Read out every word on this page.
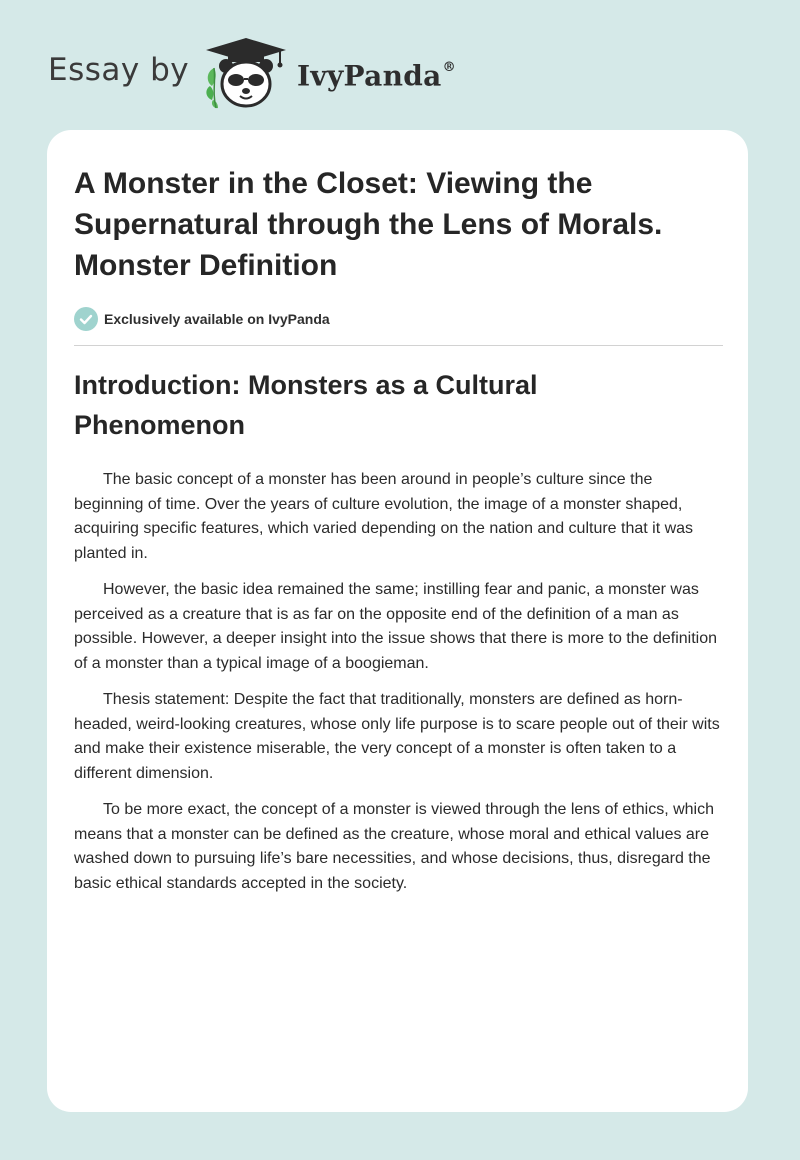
Essay by	IvyPanda®
A Monster in the Closet: Viewing the Supernatural through the Lens of Morals. Monster Definition
Exclusively available on IvyPanda
Introduction: Monsters as a Cultural Phenomenon

The basic concept of a monster has been around in people’s culture since the beginning of time. Over the years of culture evolution, the image of a monster shaped, acquiring specific features, which varied depending on the nation and culture that it was planted in.

However, the basic idea remained the same; instilling fear and panic, a monster was perceived as a creature that is as far on the opposite end of the definition of a man as possible. However, a deeper insight into the issue shows that there is more to the definition of a monster than a typical image of a boogieman.

Thesis statement: Despite the fact that traditionally, monsters are defined as horn-headed, weird-looking creatures, whose only life purpose is to scare people out of their wits and make their existence miserable, the very concept of a monster is often taken to a different dimension.

To be more exact, the concept of a monster is viewed through the lens of ethics, which means that a monster can be defined as the creature, whose moral and ethical values are washed down to pursuing life’s bare necessities, and whose decisions, thus, disregard the basic ethical standards accepted in the society.
